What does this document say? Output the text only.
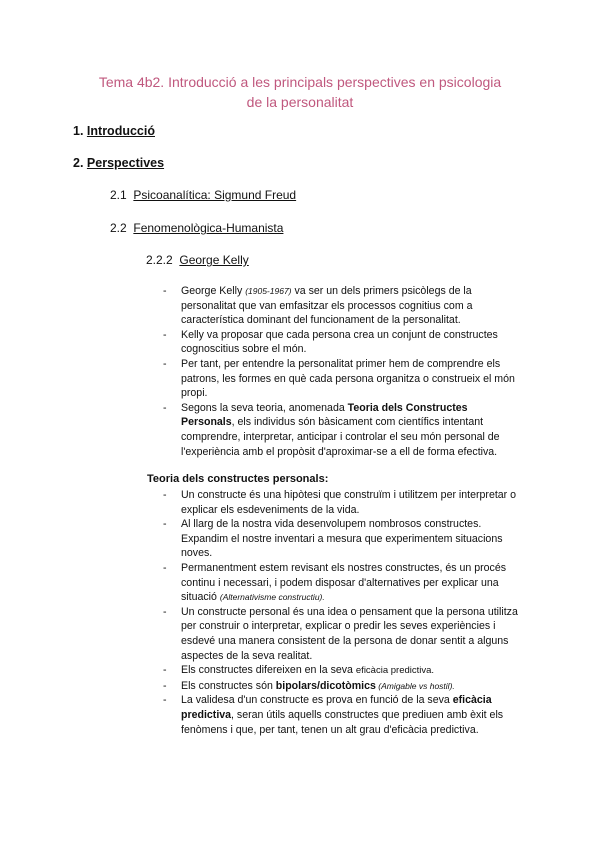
Tema 4b2. Introducció a les principals perspectives en psicologia
de la personalitat
1. Introducció
2. Perspectives
2.1 Psicoanalítica: Sigmund Freud
2.2 Fenomenològica-Humanista
2.2.2 George Kelly
- George Kelly (1905-1967) va ser un dels primers psicòlegs de la personalitat que van emfasitzar els processos cognitius com a característica dominant del funcionament de la personalitat.
- Kelly va proposar que cada persona crea un conjunt de constructes cognoscitius sobre el món.
- Per tant, per entendre la personalitat primer hem de comprendre els patrons, les formes en què cada persona organitza o construeix el món propi.
- Segons la seva teoria, anomenada Teoria dels Constructes Personals, els individus són bàsicament com científics intentant comprendre, interpretar, anticipar i controlar el seu món personal de l'experiència amb el propòsit d'aproximar-se a ell de forma efectiva.
Teoria dels constructes personals:
- Un constructe és una hipòtesi que construïm i utilitzem per interpretar o explicar els esdeveniments de la vida.
- Al llarg de la nostra vida desenvolupem nombrosos constructes. Expandim el nostre inventari a mesura que experimentem situacions noves.
- Permanentment estem revisant els nostres constructes, és un procés continu i necessari, i podem disposar d'alternatives per explicar una situació (Alternativisme constructiu).
- Un constructe personal és una idea o pensament que la persona utilitza per construir o interpretar, explicar o predir les seves experiències i esdevé una manera consistent de la persona de donar sentit a alguns aspectes de la seva realitat.
- Els constructes difereixen en la seva eficàcia predictiva.
- Els constructes són bipolars/dicotòmics (Amigable vs hostil).
- La validesa d'un constructe es prova en funció de la seva eficàcia predictiva, seran útils aquells constructes que prediuen amb èxit els fenòmens i que, per tant, tenen un alt grau d'eficàcia predictiva.
